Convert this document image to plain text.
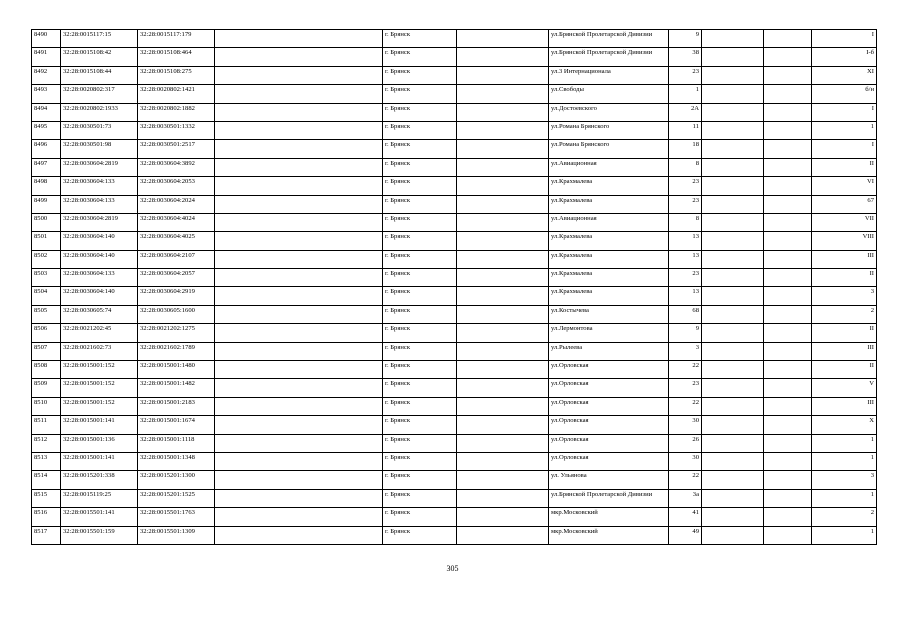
8490	32:28:0015117:15	32:28:0015117:179		г. Брянск		ул.Брянской Пролетарской Дивизии	9			I
8491	32:28:0015108:42	32:28:0015108:464		г. Брянск		ул.Брянской Пролетарской Дивизии	38			I-б
8492	32:28:0015108:44	32:28:0015108:275		г. Брянск		ул.3 Интернационала	23			XI
8493	32:28:0020802:317	32:28:0020802:1421		г. Брянск		ул.Свободы	1			б/н
8494	32:28:0020802:1933	32:28:0020802:1882		г. Брянск		ул.Достоевского	2А			I
8495	32:28:0030501:73	32:28:0030501:1332		г. Брянск		ул.Романа Брянского	11			1
8496	32:28:0030501:98	32:28:0030501:2517		г. Брянск		ул.Романа Брянского	18			I
8497	32:28:0030604:2819	32:28:0030604:3892		г. Брянск		ул.Авиационная	8			II
8498	32:28:0030604:133	32:28:0030604:2053		г. Брянск		ул.Крахмалева	23			VI
8499	32:28:0030604:133	32:28:0030604:2024		г. Брянск		ул.Крахмалева	23			67
8500	32:28:0030604:2819	32:28:0030604:4024		г. Брянск		ул.Авиационная	8			VII
8501	32:28:0030604:140	32:28:0030604:4025		г. Брянск		ул.Крахмалева	13			VIII
8502	32:28:0030604:140	32:28:0030604:2107		г. Брянск		ул.Крахмалева	13			III
8503	32:28:0030604:133	32:28:0030604:2057		г. Брянск		ул.Крахмалева	23			II
8504	32:28:0030604:140	32:28:0030604:2919		г. Брянск		ул.Крахмалева	13			3
8505	32:28:0030605:74	32:28:0030605:1600		г. Брянск		ул.Костычева	68			2
8506	32:28:0021202:45	32:28:0021202:1275		г. Брянск		ул.Лермонтова	9			II
8507	32:28:0021602:73	32:28:0021602:1789		г. Брянск		ул.Рылеева	3			III
8508	32:28:0015001:152	32:28:0015001:1480		г. Брянск		ул.Орловская	22			II
8509	32:28:0015001:152	32:28:0015001:1482		г. Брянск		ул.Орловская	23			V
8510	32:28:0015001:152	32:28:0015001:2183		г. Брянск		ул.Орловская	22			III
8511	32:28:0015001:141	32:28:0015001:1674		г. Брянск		ул.Орловская	30			X
8512	32:28:0015001:136	32:28:0015001:1118		г. Брянск		ул.Орловская	26			1
8513	32:28:0015001:141	32:28:0015001:1348		г. Брянск		ул.Орловская	30			1
8514	32:28:0015201:338	32:28:0015201:1300		г. Брянск		ул. Ульянова	22			3
8515	32:28:0015119:25	32:28:0015201:1525		г. Брянск		ул.Брянской Пролетарской Дивизии	3а			1
8516	32:28:0015501:141	32:28:0015501:1763		г. Брянск		мкр.Московский	41			2
8517	32:28:0015501:159	32:28:0015501:1309		г. Брянск		мкр.Московский	49			1
305
